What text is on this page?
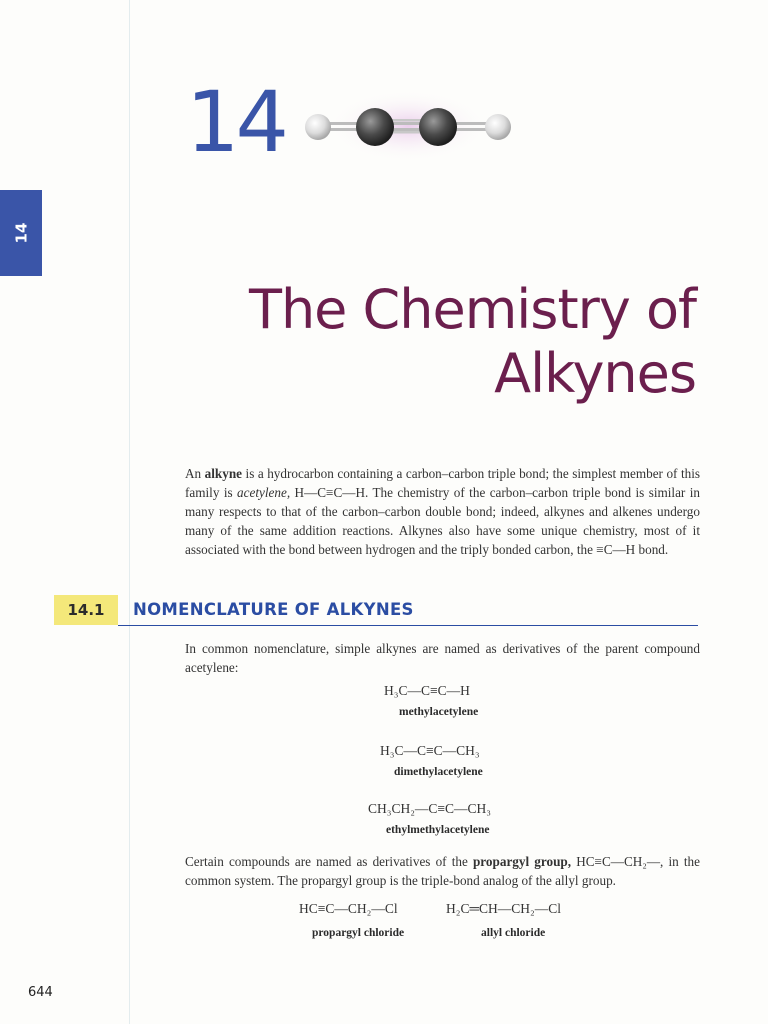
14
14
The Chemistry of
Alkynes
An alkyne is a hydrocarbon containing a carbon–carbon triple bond; the simplest member of this family is acetylene, H—C≡C—H. The chemistry of the carbon–carbon triple bond is similar in many respects to that of the carbon–carbon double bond; indeed, alkynes and alkenes undergo many of the same addition reactions. Alkynes also have some unique chemistry, most of it associated with the bond between hydrogen and the triply bonded carbon, the ≡C—H bond.
14.1	NOMENCLATURE OF ALKYNES
In common nomenclature, simple alkynes are named as derivatives of the parent compound acetylene:
H₃C—C≡C—H
methylacetylene
H₃C—C≡C—CH₃
dimethylacetylene
CH₃CH₂—C≡C—CH₃
ethylmethylacetylene
Certain compounds are named as derivatives of the propargyl group, HC≡C—CH₂—, in the common system. The propargyl group is the triple-bond analog of the allyl group.
HC≡C—CH₂—Cl
propargyl chloride
H₂C═CH—CH₂—Cl
allyl chloride
644
